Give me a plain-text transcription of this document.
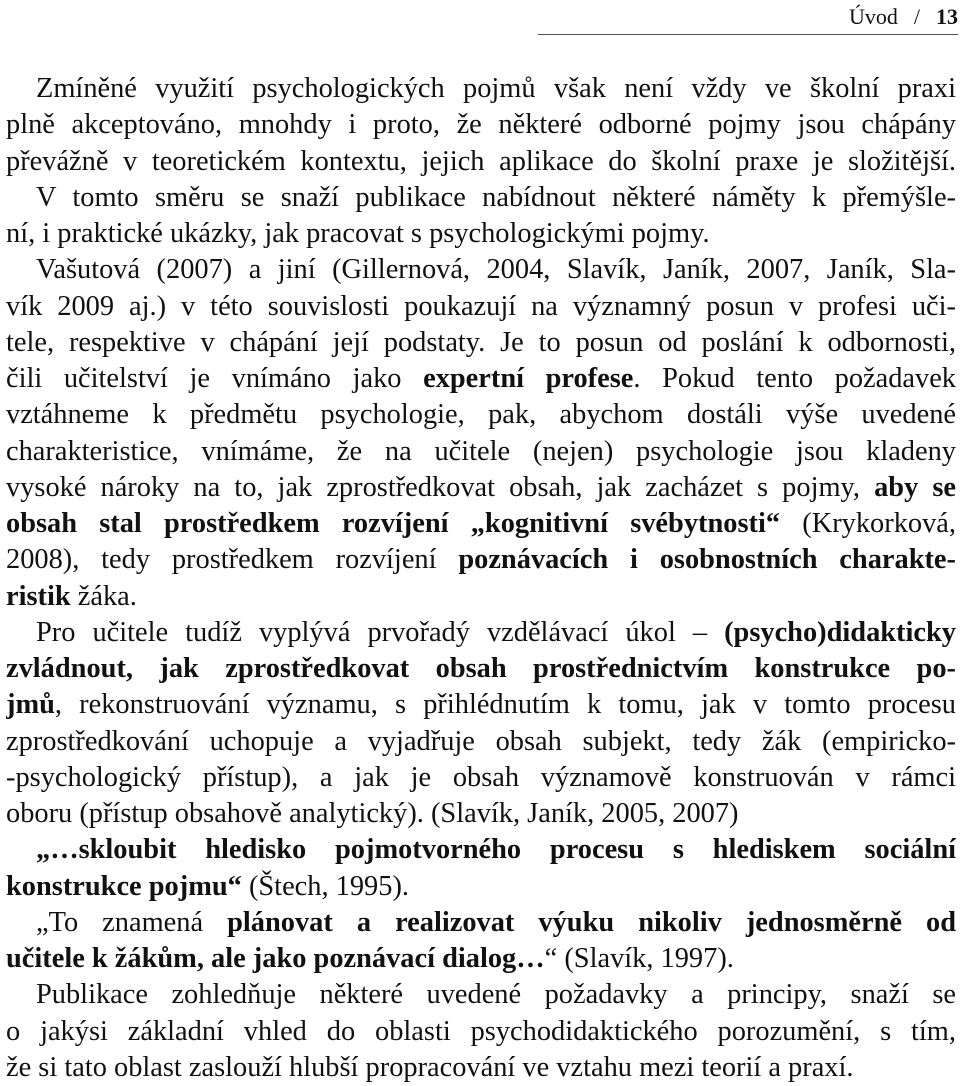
Úvod / 13
Zmíněné využití psychologických pojmů však není vždy ve školní praxi
plně akceptováno, mnohdy i proto, že některé odborné pojmy jsou chápány
převážně v teoretickém kontextu, jejich aplikace do školní praxe je složitější.
V tomto směru se snaží publikace nabídnout některé náměty k přemýšle-
ní, i praktické ukázky, jak pracovat s psychologickými pojmy.
Vašutová (2007) a jiní (Gillernová, 2004, Slavík, Janík, 2007, Janík, Sla-
vík 2009 aj.) v této souvislosti poukazují na významný posun v profesi uči-
tele, respektive v chápání její podstaty. Je to posun od poslání k odbornosti,
čili učitelství je vnímáno jako expertní profese. Pokud tento požadavek
vztáhneme k předmětu psychologie, pak, abychom dostáli výše uvedené
charakteristice, vnímáme, že na učitele (nejen) psychologie jsou kladeny
vysoké nároky na to, jak zprostředkovat obsah, jak zacházet s pojmy, aby se
obsah stal prostředkem rozvíjení „kognitivní svébytnosti“ (Krykorková,
2008), tedy prostředkem rozvíjení poznávacích i osobnostních charakte-
ristik žáka.
Pro učitele tudíž vyplývá prvořadý vzdělávací úkol – (psycho)didakticky
zvládnout, jak zprostředkovat obsah prostřednictvím konstrukce po-
jmů, rekonstruování významu, s přihlédnutím k tomu, jak v tomto procesu
zprostředkování uchopuje a vyjadřuje obsah subjekt, tedy žák (empiricko-
-psychologický přístup), a jak je obsah významově konstruován v rámci
oboru (přístup obsahově analytický). (Slavík, Janík, 2005, 2007)
„…skloubit hledisko pojmotvorného procesu s hlediskem sociální
konstrukce pojmu“ (Štech, 1995).
„To znamená plánovat a realizovat výuku nikoliv jednosměrně od
učitele k žákům, ale jako poznávací dialog…“ (Slavík, 1997).
Publikace zohledňuje některé uvedené požadavky a principy, snaží se
o jakýsi základní vhled do oblasti psychodidaktického porozumění, s tím,
že si tato oblast zaslouží hlubší propracování ve vztahu mezi teorií a praxí.
